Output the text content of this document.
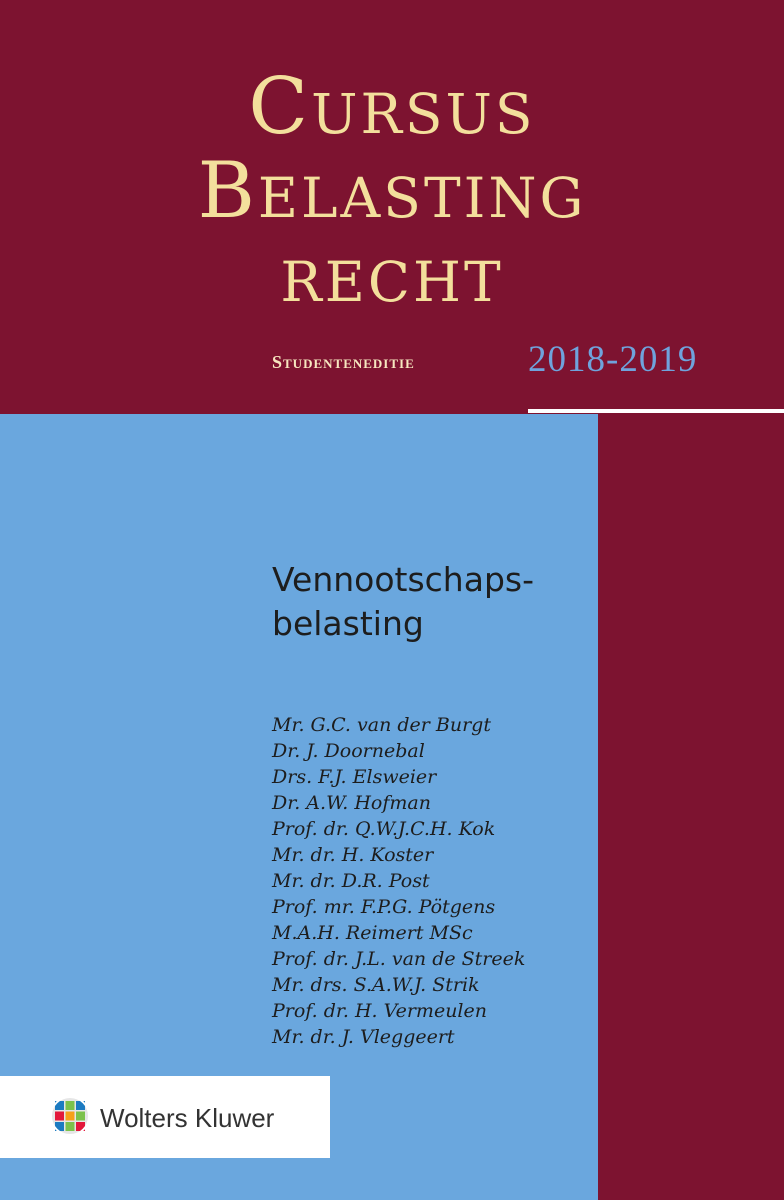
Cursus
Belasting
recht
Studenteneditie	2018-2019
Vennootschaps-
belasting
Mr. G.C. van der Burgt
Dr. J. Doornebal
Drs. F.J. Elsweier
Dr. A.W. Hofman
Prof. dr. Q.W.J.C.H. Kok
Mr. dr. H. Koster
Mr. dr. D.R. Post
Prof. mr. F.P.G. Pötgens
M.A.H. Reimert MSc
Prof. dr. J.L. van de Streek
Mr. drs. S.A.W.J. Strik
Prof. dr. H. Vermeulen
Mr. dr. J. Vleggeert
Wolters Kluwer
